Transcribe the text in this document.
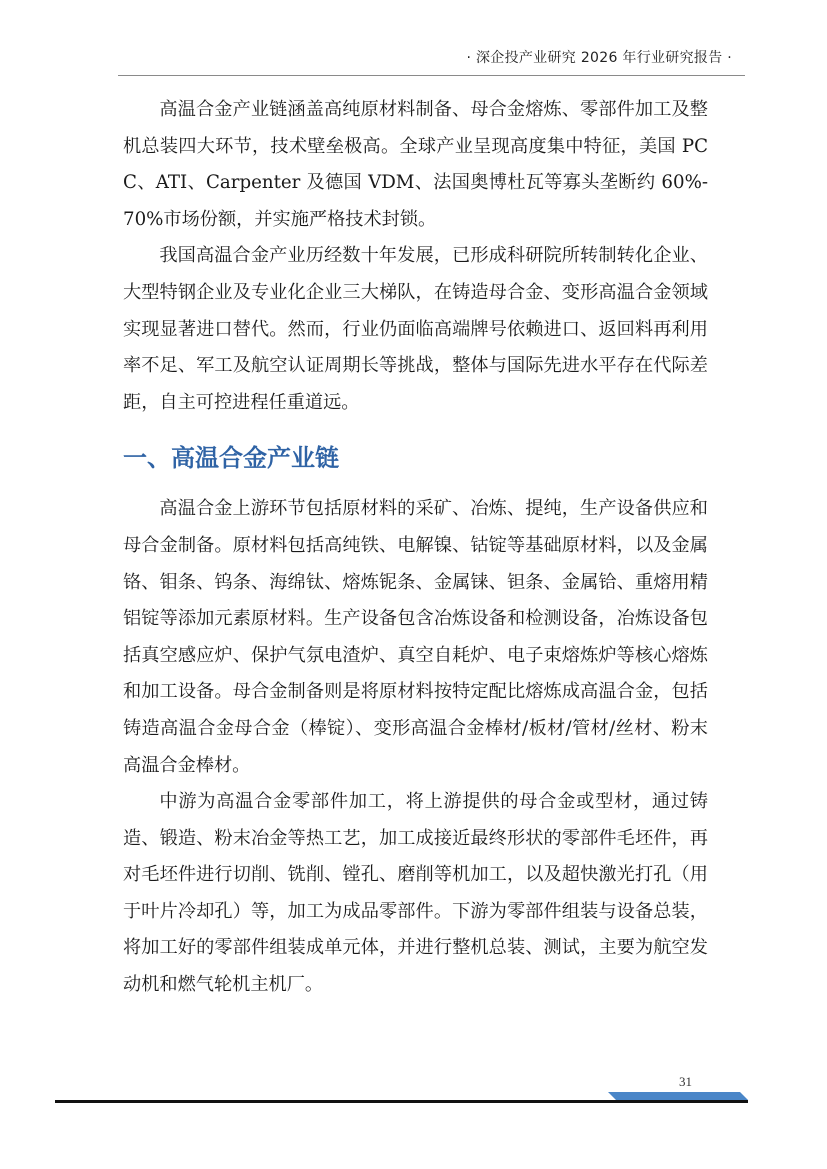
· 深企投产业研究 2026 年行业研究报告 ·

高温合金产业链涵盖高纯原材料制备、母合金熔炼、零部件加工及整机总装四大环节，技术壁垒极高。全球产业呈现高度集中特征，美国 PCC、ATI、Carpenter 及德国 VDM、法国奥博杜瓦等寡头垄断约 60%-70%市场份额，并实施严格技术封锁。

我国高温合金产业历经数十年发展，已形成科研院所转制转化企业、大型特钢企业及专业化企业三大梯队，在铸造母合金、变形高温合金领域实现显著进口替代。然而，行业仍面临高端牌号依赖进口、返回料再利用率不足、军工及航空认证周期长等挑战，整体与国际先进水平存在代际差距，自主可控进程任重道远。

一、高温合金产业链

高温合金上游环节包括原材料的采矿、冶炼、提纯，生产设备供应和母合金制备。原材料包括高纯铁、电解镍、钴锭等基础原材料，以及金属铬、钼条、钨条、海绵钛、熔炼铌条、金属铼、钽条、金属铪、重熔用精铝锭等添加元素原材料。生产设备包含冶炼设备和检测设备，冶炼设备包括真空感应炉、保护气氛电渣炉、真空自耗炉、电子束熔炼炉等核心熔炼和加工设备。母合金制备则是将原材料按特定配比熔炼成高温合金，包括铸造高温合金母合金（棒锭）、变形高温合金棒材/板材/管材/丝材、粉末高温合金棒材。

中游为高温合金零部件加工，将上游提供的母合金或型材，通过铸造、锻造、粉末冶金等热工艺，加工成接近最终形状的零部件毛坯件，再对毛坯件进行切削、铣削、镗孔、磨削等机加工，以及超快激光打孔（用于叶片冷却孔）等，加工为成品零部件。下游为零部件组装与设备总装，将加工好的零部件组装成单元体，并进行整机总装、测试，主要为航空发动机和燃气轮机主机厂。

31
